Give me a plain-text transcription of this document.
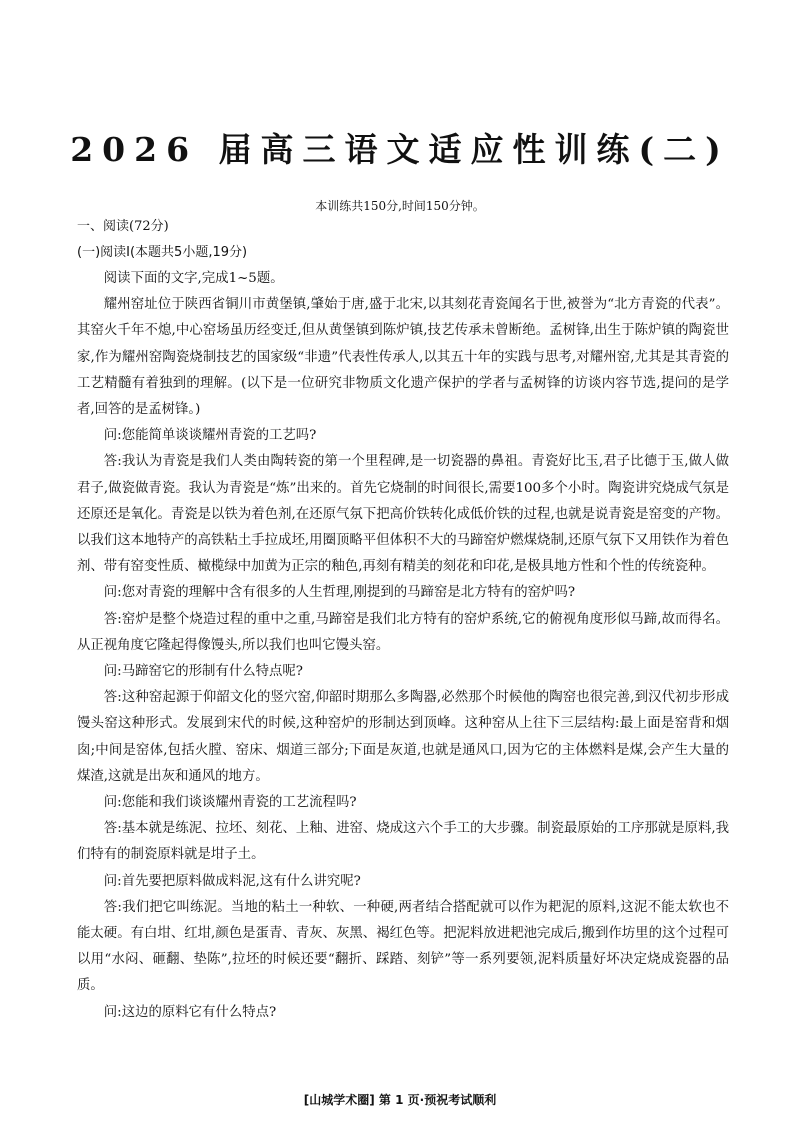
2026 届高三语文适应性训练(二)
本训练共150分,时间150分钟。
一、阅读(72分)
(一)阅读Ⅰ(本题共5小题,19分)

阅读下面的文字,完成1~5题。

耀州窑址位于陕西省铜川市黄堡镇,肇始于唐,盛于北宋,以其刻花青瓷闻名于世,被誉为“北方青瓷的代表”。其窑火千年不熄,中心窑场虽历经变迁,但从黄堡镇到陈炉镇,技艺传承未曾断绝。孟树锋,出生于陈炉镇的陶瓷世家,作为耀州窑陶瓷烧制技艺的国家级“非遗”代表性传承人,以其五十年的实践与思考,对耀州窑,尤其是其青瓷的工艺精髓有着独到的理解。(以下是一位研究非物质文化遗产保护的学者与孟树锋的访谈内容节选,提问的是学者,回答的是孟树锋。)

问:您能简单谈谈耀州青瓷的工艺吗?

答:我认为青瓷是我们人类由陶转瓷的第一个里程碑,是一切瓷器的鼻祖。青瓷好比玉,君子比德于玉,做人做君子,做瓷做青瓷。我认为青瓷是“炼”出来的。首先它烧制的时间很长,需要100多个小时。陶瓷讲究烧成气氛是还原还是氧化。青瓷是以铁为着色剂,在还原气氛下把高价铁转化成低价铁的过程,也就是说青瓷是窑变的产物。以我们这本地特产的高铁粘土手拉成坯,用圈顶略平但体积不大的马蹄窑炉燃煤烧制,还原气氛下又用铁作为着色剂、带有窑变性质、橄榄绿中加黄为正宗的釉色,再刻有精美的刻花和印花,是极具地方性和个性的传统瓷种。

问:您对青瓷的理解中含有很多的人生哲理,刚提到的马蹄窑是北方特有的窑炉吗?

答:窑炉是整个烧造过程的重中之重,马蹄窑是我们北方特有的窑炉系统,它的俯视角度形似马蹄,故而得名。从正视角度它隆起得像馒头,所以我们也叫它馒头窑。

问:马蹄窑它的形制有什么特点呢?

答:这种窑起源于仰韶文化的竖穴窑,仰韶时期那么多陶器,必然那个时候他的陶窑也很完善,到汉代初步形成馒头窑这种形式。发展到宋代的时候,这种窑炉的形制达到顶峰。这种窑从上往下三层结构:最上面是窑背和烟囱;中间是窑体,包括火膛、窑床、烟道三部分;下面是灰道,也就是通风口,因为它的主体燃料是煤,会产生大量的煤渣,这就是出灰和通风的地方。

问:您能和我们谈谈耀州青瓷的工艺流程吗?

答:基本就是练泥、拉坯、刻花、上釉、进窑、烧成这六个手工的大步骤。制瓷最原始的工序那就是原料,我们特有的制瓷原料就是坩子土。

问:首先要把原料做成料泥,这有什么讲究呢?

答:我们把它叫练泥。当地的粘土一种软、一种硬,两者结合搭配就可以作为耙泥的原料,这泥不能太软也不能太硬。有白坩、红坩,颜色是蛋青、青灰、灰黑、褐红色等。把泥料放进耙池完成后,搬到作坊里的这个过程可以用“水闷、砸翻、垫陈”,拉坯的时候还要“翻折、踩踏、刻铲”等一系列要领,泥料质量好坏决定烧成瓷器的品质。

问:这边的原料它有什么特点?

[山城学术圈] 第 1 页·预祝考试顺利
